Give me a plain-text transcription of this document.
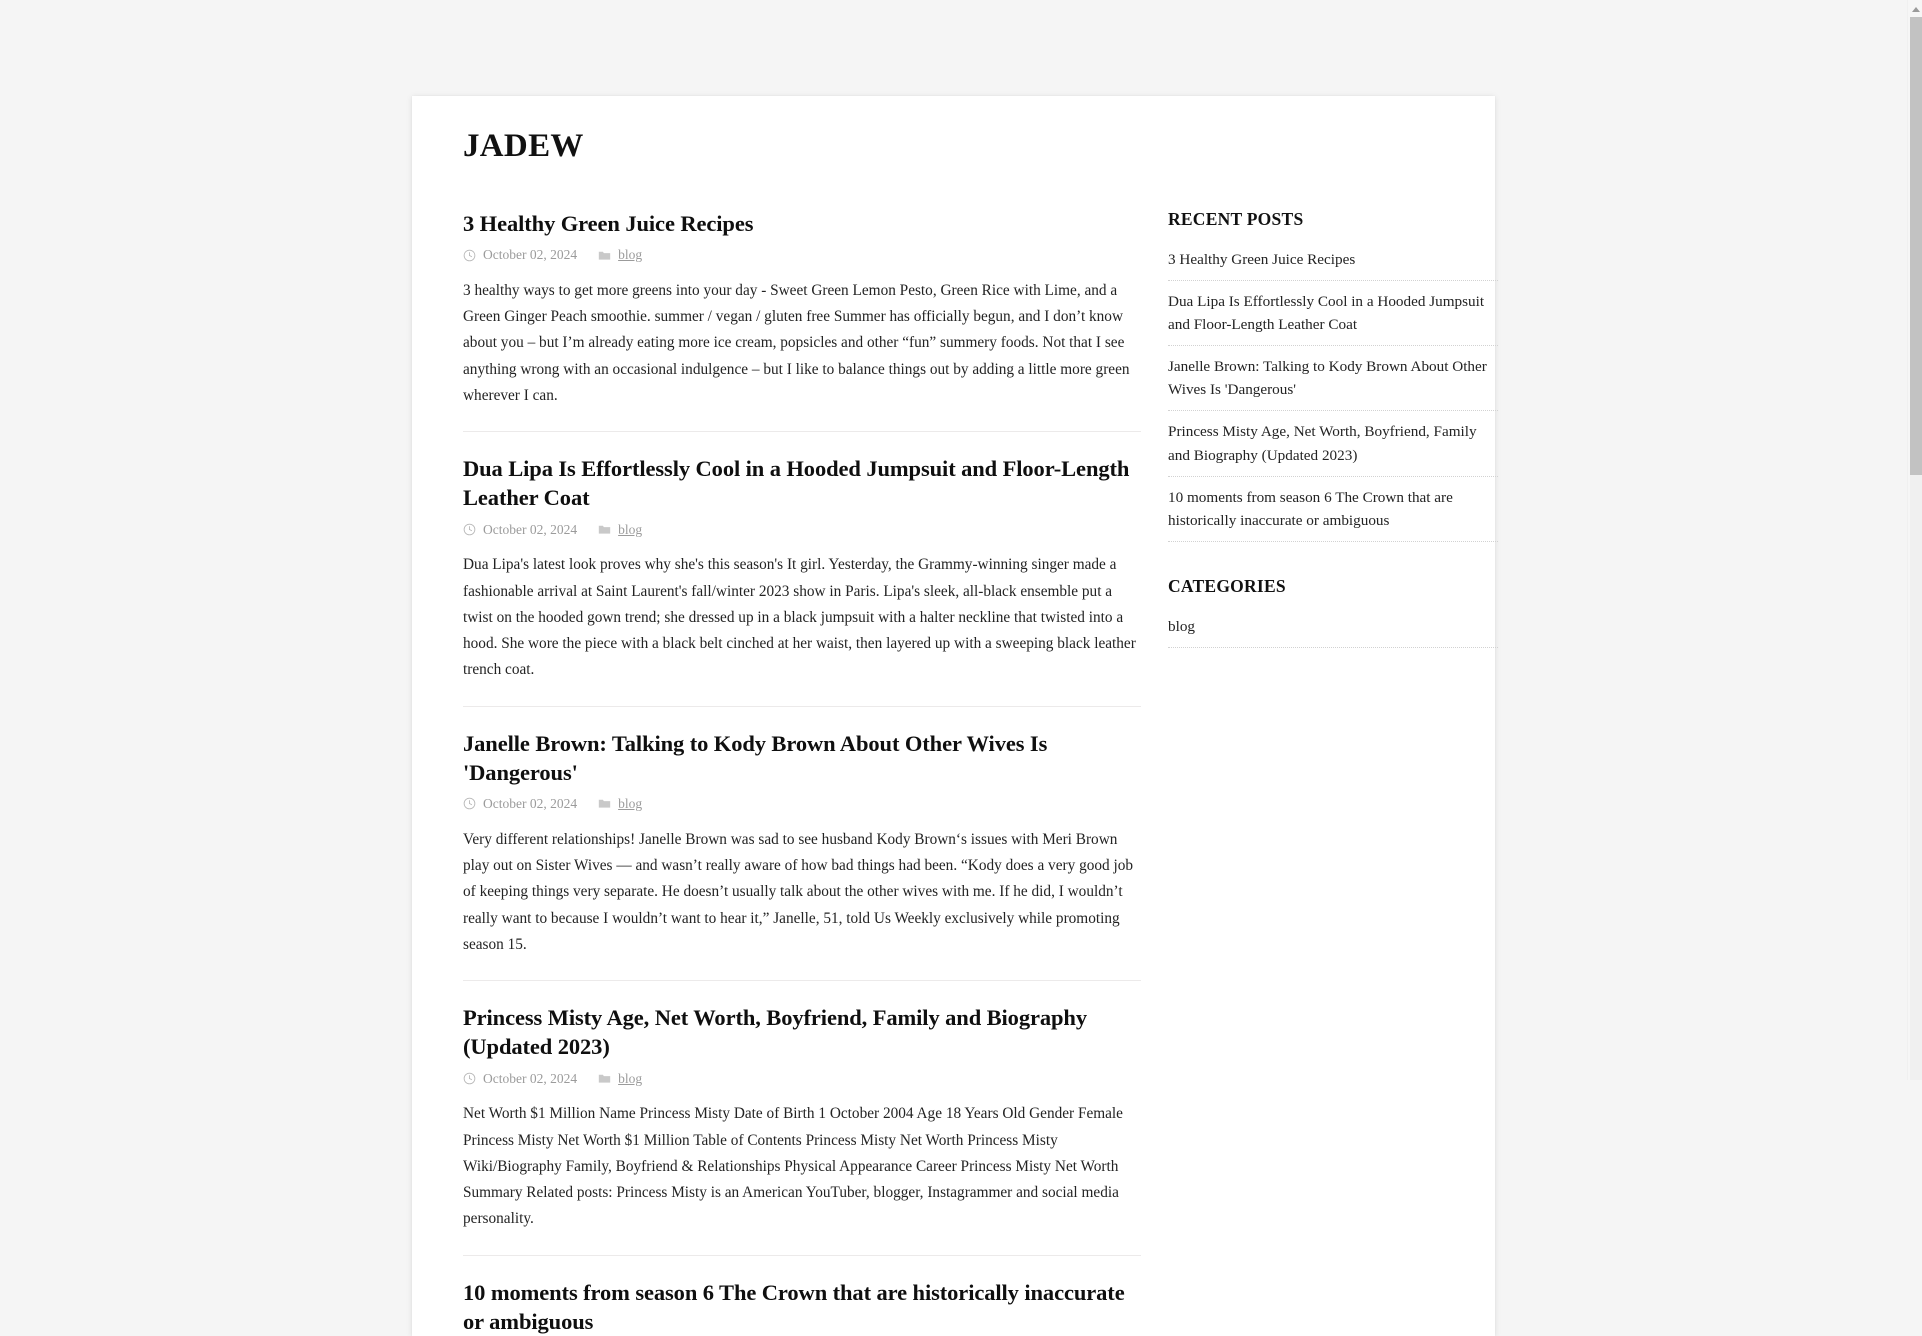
JADEW
3 Healthy Green Juice Recipes
October 02, 2024	blog

3 healthy ways to get more greens into your day - Sweet Green Lemon Pesto, Green Rice with Lime, and a Green Ginger Peach smoothie. summer / vegan / gluten free Summer has officially begun, and I don’t know about you – but I’m already eating more ice cream, popsicles and other “fun” summery foods. Not that I see anything wrong with an occasional indulgence – but I like to balance things out by adding a little more green wherever I can.

Dua Lipa Is Effortlessly Cool in a Hooded Jumpsuit and Floor-Length Leather Coat
October 02, 2024	blog

Dua Lipa's latest look proves why she's this season's It girl. Yesterday, the Grammy-winning singer made a fashionable arrival at Saint Laurent's fall/winter 2023 show in Paris. Lipa's sleek, all-black ensemble put a twist on the hooded gown trend; she dressed up in a black jumpsuit with a halter neckline that twisted into a hood. She wore the piece with a black belt cinched at her waist, then layered up with a sweeping black leather trench coat.

Janelle Brown: Talking to Kody Brown About Other Wives Is 'Dangerous'
October 02, 2024	blog

Very different relationships! Janelle Brown was sad to see husband Kody Brown‘s issues with Meri Brown play out on Sister Wives — and wasn’t really aware of how bad things had been. “Kody does a very good job of keeping things very separate. He doesn’t usually talk about the other wives with me. If he did, I wouldn’t really want to because I wouldn’t want to hear it,” Janelle, 51, told Us Weekly exclusively while promoting season 15.

Princess Misty Age, Net Worth, Boyfriend, Family and Biography (Updated 2023)
October 02, 2024	blog

Net Worth $1 Million Name Princess Misty Date of Birth 1 October 2004 Age 18 Years Old Gender Female Princess Misty Net Worth $1 Million Table of Contents Princess Misty Net Worth Princess Misty Wiki/Biography Family, Boyfriend & Relationships Physical Appearance Career Princess Misty Net Worth Summary Related posts: Princess Misty is an American YouTuber, blogger, Instagrammer and social media personality.

10 moments from season 6 The Crown that are historically inaccurate or ambiguous
RECENT POSTS
3 Healthy Green Juice Recipes
Dua Lipa Is Effortlessly Cool in a Hooded Jumpsuit and Floor-Length Leather Coat
Janelle Brown: Talking to Kody Brown About Other Wives Is 'Dangerous'
Princess Misty Age, Net Worth, Boyfriend, Family and Biography (Updated 2023)
10 moments from season 6 The Crown that are historically inaccurate or ambiguous
CATEGORIES
blog
